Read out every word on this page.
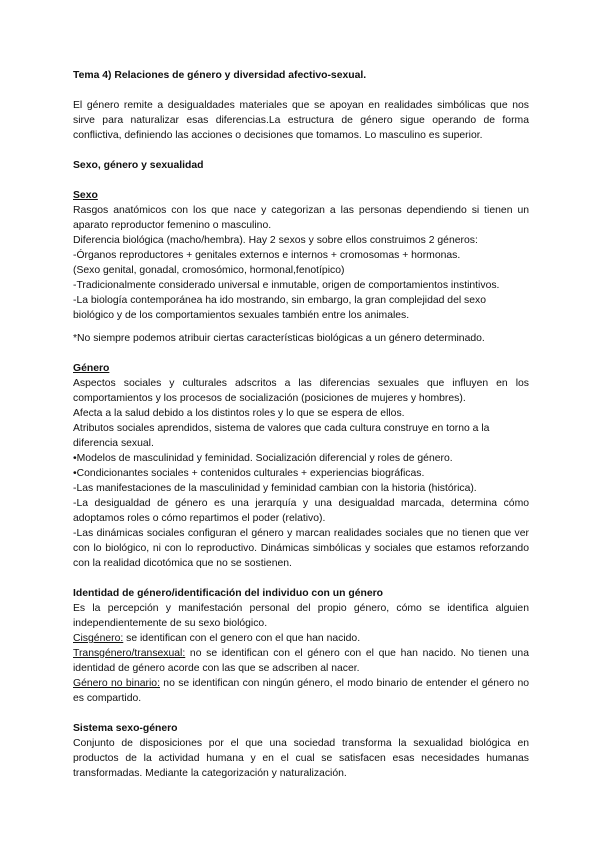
Tema 4) Relaciones de género y diversidad afectivo-sexual.

El género remite a desigualdades materiales que se apoyan en realidades simbólicas que nos sirve para naturalizar esas diferencias.La estructura de género sigue operando de forma conflictiva, definiendo las acciones o decisiones que tomamos. Lo masculino es superior.

Sexo, género y sexualidad

Sexo

Rasgos anatómicos con los que nace y categorizan a las personas dependiendo si tienen un aparato reproductor femenino o masculino.

Diferencia biológica (macho/hembra). Hay 2 sexos y sobre ellos construimos 2 géneros:

-Órganos reproductores + genitales externos e internos + cromosomas + hormonas.

(Sexo genital, gonadal, cromosómico, hormonal,fenotípico)

-Tradicionalmente considerado universal e inmutable, origen de comportamientos instintivos.

-La biología contemporánea ha ido mostrando, sin embargo, la gran complejidad del sexo biológico y de los comportamientos sexuales también entre los animales.

*No siempre podemos atribuir ciertas características biológicas a un género determinado.

Género

Aspectos sociales y culturales adscritos a las diferencias sexuales que influyen en los comportamientos y los procesos de socialización (posiciones de mujeres y hombres).

Afecta a la salud debido a los distintos roles y lo que se espera de ellos.

Atributos sociales aprendidos, sistema de valores que cada cultura construye en torno a la diferencia sexual.

•Modelos de masculinidad y feminidad. Socialización diferencial y roles de género.

•Condicionantes sociales + contenidos culturales + experiencias biográficas.

-Las manifestaciones de la masculinidad y feminidad cambian con la historia (histórica).

-La desigualdad de género es una jerarquía y una desigualdad marcada, determina cómo adoptamos roles o cómo repartimos el poder (relativo).

-Las dinámicas sociales configuran el género y marcan realidades sociales que no tienen que ver con lo biológico, ni con lo reproductivo. Dinámicas simbólicas y sociales que estamos reforzando con la realidad dicotómica que no se sostienen.

Identidad de género/identificación del individuo con un género

Es la percepción y manifestación personal del propio género, cómo se identifica alguien independientemente de su sexo biológico.

Cisgénero: se identifican con el genero con el que han nacido.

Transgénero/transexual: no se identifican con el género con el que han nacido. No tienen una identidad de género acorde con las que se adscriben al nacer.

Género no binario: no se identifican con ningún género, el modo binario de entender el género no es compartido.

Sistema sexo-género

Conjunto de disposiciones por el que una sociedad transforma la sexualidad biológica en productos de la actividad humana y en el cual se satisfacen esas necesidades humanas transformadas. Mediante la categorización y naturalización.
